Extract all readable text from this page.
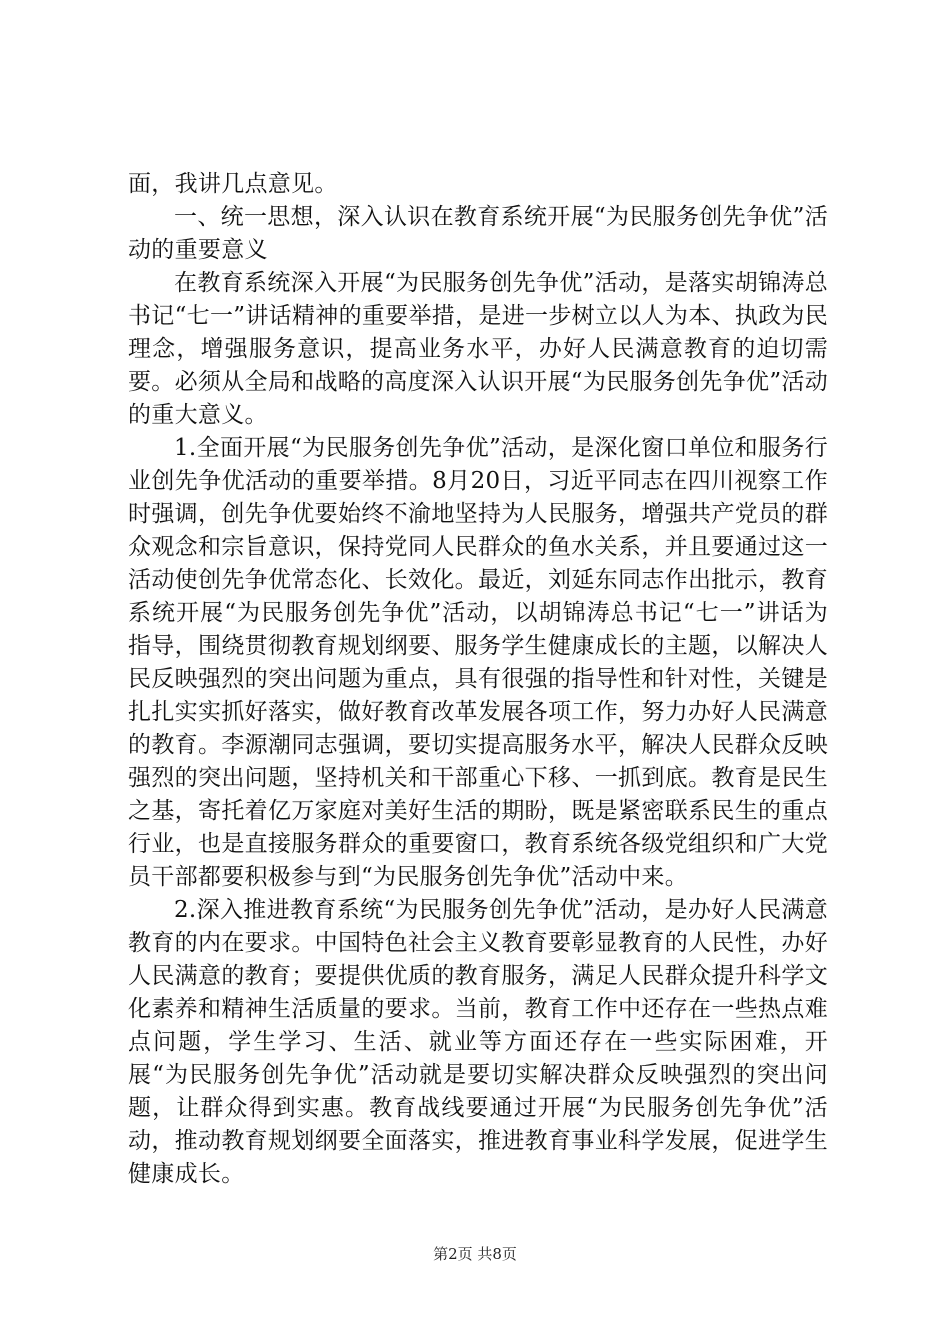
面，我讲几点意见。

一、统一思想，深入认识在教育系统开展“为民服务创先争优”活动的重要意义

在教育系统深入开展“为民服务创先争优”活动，是落实胡锦涛总书记“七一”讲话精神的重要举措，是进一步树立以人为本、执政为民理念，增强服务意识，提高业务水平，办好人民满意教育的迫切需要。必须从全局和战略的高度深入认识开展“为民服务创先争优”活动的重大意义。

1.全面开展“为民服务创先争优”活动，是深化窗口单位和服务行业创先争优活动的重要举措。8月20日，习近平同志在四川视察工作时强调，创先争优要始终不渝地坚持为人民服务，增强共产党员的群众观念和宗旨意识，保持党同人民群众的鱼水关系，并且要通过这一活动使创先争优常态化、长效化。最近，刘延东同志作出批示，教育系统开展“为民服务创先争优”活动，以胡锦涛总书记“七一”讲话为指导，围绕贯彻教育规划纲要、服务学生健康成长的主题，以解决人民反映强烈的突出问题为重点，具有很强的指导性和针对性，关键是扎扎实实抓好落实，做好教育改革发展各项工作，努力办好人民满意的教育。李源潮同志强调，要切实提高服务水平，解决人民群众反映强烈的突出问题，坚持机关和干部重心下移、一抓到底。教育是民生之基，寄托着亿万家庭对美好生活的期盼，既是紧密联系民生的重点行业，也是直接服务群众的重要窗口，教育系统各级党组织和广大党员干部都要积极参与到“为民服务创先争优”活动中来。

2.深入推进教育系统“为民服务创先争优”活动，是办好人民满意教育的内在要求。中国特色社会主义教育要彰显教育的人民性，办好人民满意的教育；要提供优质的教育服务，满足人民群众提升科学文化素养和精神生活质量的要求。当前，教育工作中还存在一些热点难点问题，学生学习、生活、就业等方面还存在一些实际困难，开展“为民服务创先争优”活动就是要切实解决群众反映强烈的突出问题，让群众得到实惠。教育战线要通过开展“为民服务创先争优”活动，推动教育规划纲要全面落实，推进教育事业科学发展，促进学生健康成长。

第2页 共8页
